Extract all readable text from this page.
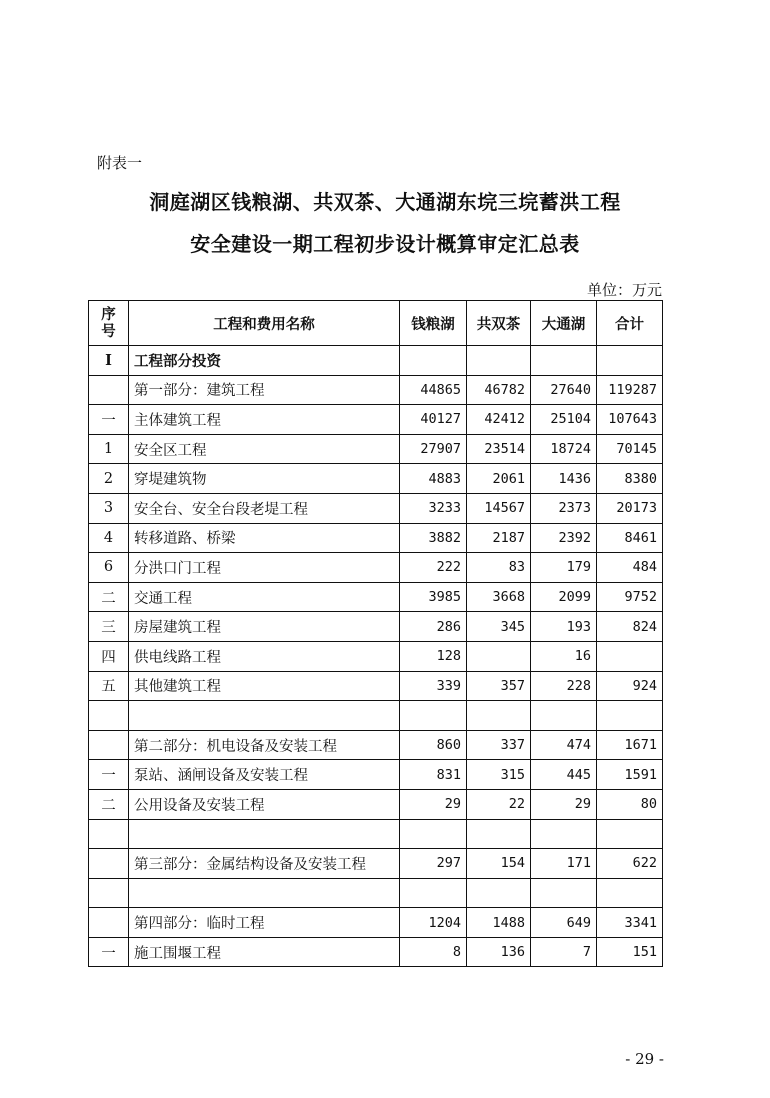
附表一
洞庭湖区钱粮湖、共双茶、大通湖东垸三垸蓄洪工程
安全建设一期工程初步设计概算审定汇总表
单位：万元
序号	工程和费用名称	钱粮湖	共双茶	大通湖	合计
I	工程部分投资				
	第一部分：建筑工程	44865	46782	27640	119287
一	主体建筑工程	40127	42412	25104	107643
1	安全区工程	27907	23514	18724	70145
2	穿堤建筑物	4883	2061	1436	8380
3	安全台、安全台段老堤工程	3233	14567	2373	20173
4	转移道路、桥梁	3882	2187	2392	8461
6	分洪口门工程	222	83	179	484
二	交通工程	3985	3668	2099	9752
三	房屋建筑工程	286	345	193	824
四	供电线路工程	128		16	
五	其他建筑工程	339	357	228	924

	第二部分：机电设备及安装工程	860	337	474	1671
一	泵站、涵闸设备及安装工程	831	315	445	1591
二	公用设备及安装工程	29	22	29	80

	第三部分：金属结构设备及安装工程	297	154	171	622

	第四部分：临时工程	1204	1488	649	3341
一	施工围堰工程	8	136	7	151
- 29 -
